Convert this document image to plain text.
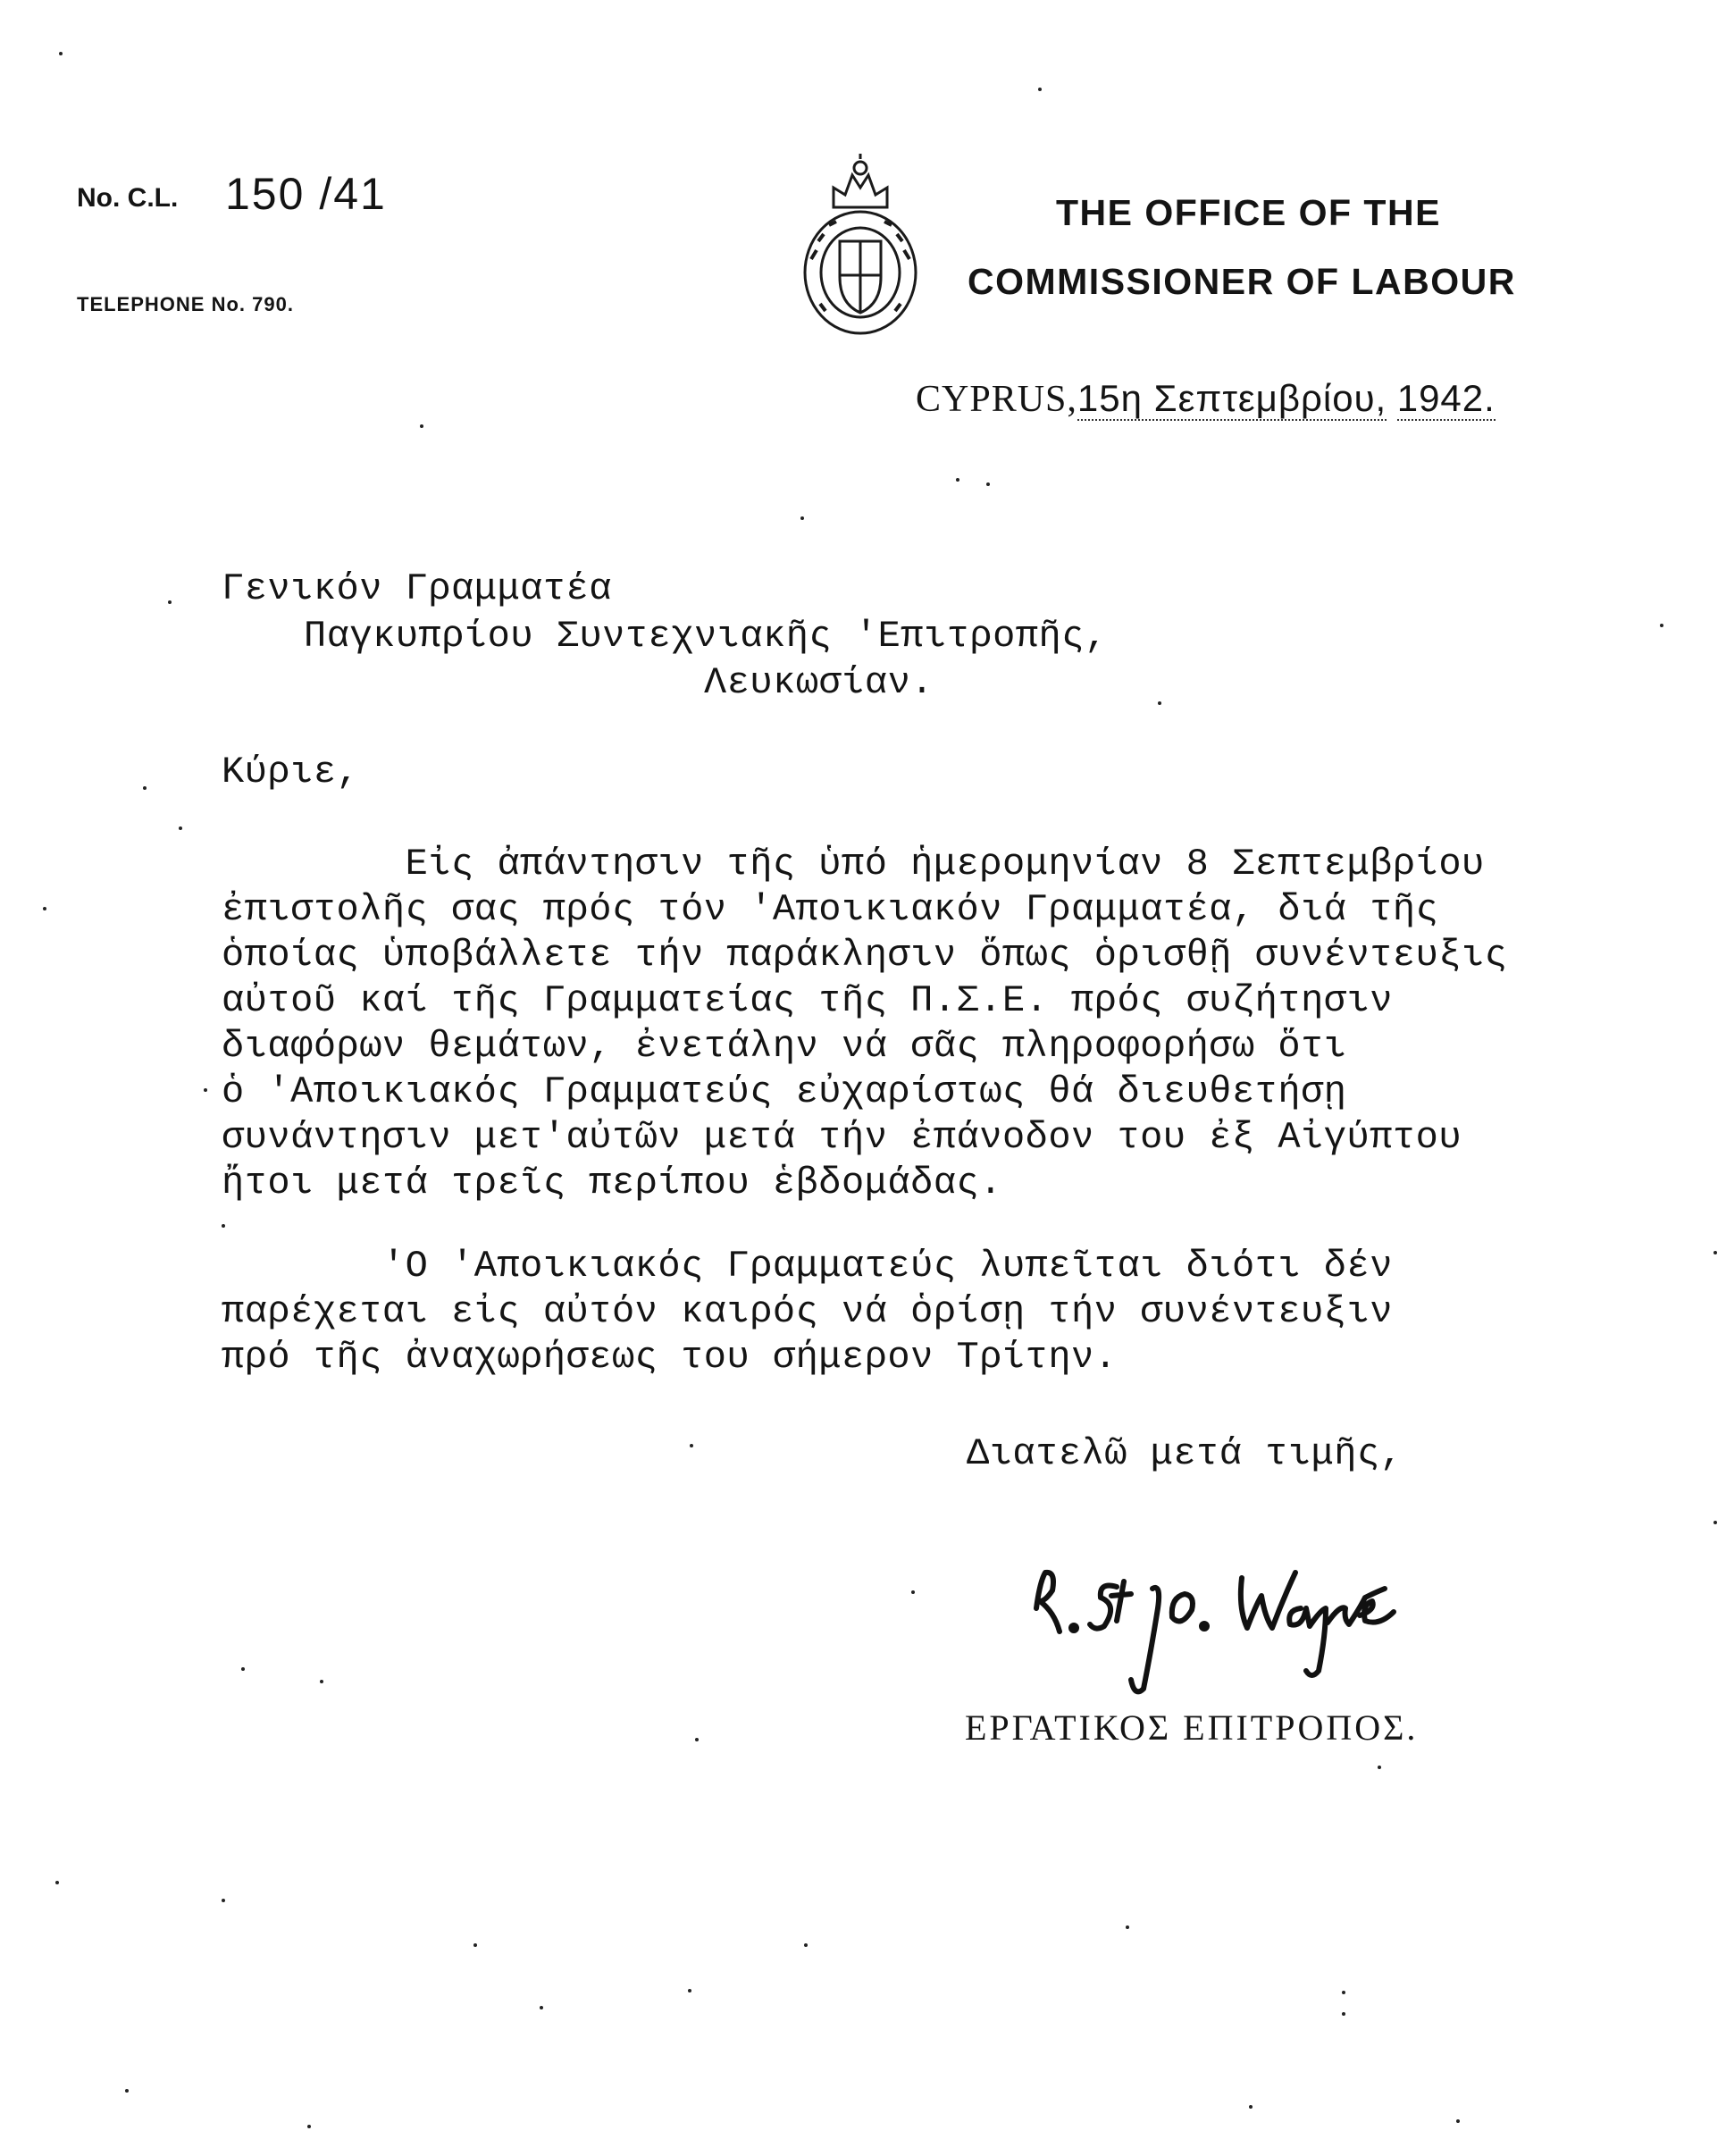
No. C.L. 150 /41
TELEPHONE No. 790.
THE OFFICE OF THE
COMMISSIONER OF LABOUR
CYPRUS,15η Σεπτεμβρίου, 1942.
Γενικόν Γραμματέα
Παγκυπρίου Συντεχνιακῆς 'Επιτροπῆς,
Λευκωσίαν.
Κύριε,
Εἰς ἀπάντησιν τῆς ὑπό ἡμερομηνίαν 8 Σεπτεμβρίου
ἐπιστολῆς σας πρός τόν 'Αποικιακόν Γραμματέα, διά τῆς
ὁποίας ὑποβάλλετε τήν παράκλησιν ὅπως ὁρισθῇ συνέντευξις
αὐτοῦ καί τῆς Γραμματείας τῆς Π.Σ.Ε. πρός συζήτησιν
διαφόρων θεμάτων, ἐνετάλην νά σᾶς πληροφορήσω ὅτι
ὁ 'Αποικιακός Γραμματεύς εὐχαρίστως θά διευθετήσῃ
συνάντησιν μετ'αὐτῶν μετά τήν ἐπάνοδον του ἐξ Αἰγύπτου
ἤτοι μετά τρεῖς περίπου ἑβδομάδας.
'Ο 'Αποικιακός Γραμματεύς λυπεῖται διότι δέν
παρέχεται εἰς αὐτόν καιρός νά ὁρίσῃ τήν συνέντευξιν
πρό τῆς ἀναχωρήσεως του σήμερον Τρίτην.
Διατελῶ μετά τιμῆς,
ΕΡΓΑΤΙΚΟΣ ΕΠΙΤΡΟΠΟΣ.
